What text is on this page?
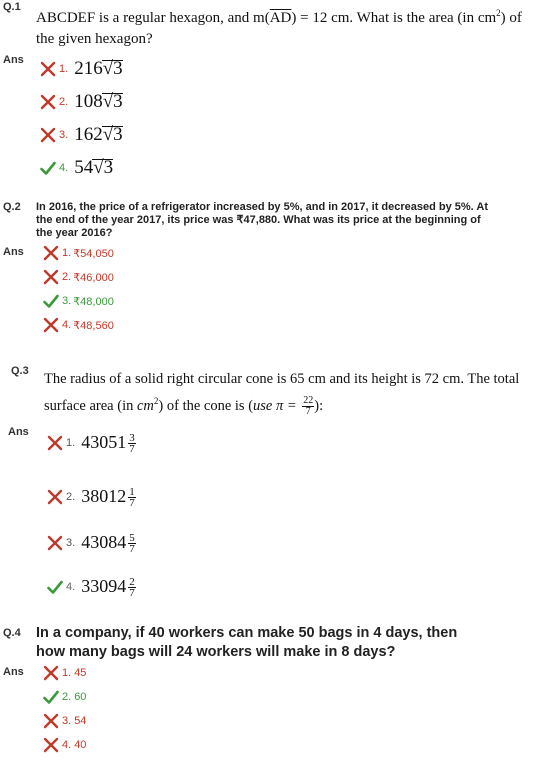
Q.1
ABCDEF is a regular hexagon, and $m(\overline{AD}) = 12$ cm. What is the area (in $cm^2$) of
the given hexagon?
Ans
1. 216√3
2. 108√3
3. 162√3
4. 54√3
Q.2 In 2016, the price of a refrigerator increased by 5%, and in 2017, it decreased by 5%. At
the end of the year 2017, its price was ₹47,880. What was its price at the beginning of
the year 2016?
Ans	1. ₹54,050
2. ₹46,000
3. ₹48,000
4. ₹48,560
Q.3 The radius of a solid right circular cone is 65 cm and its height is 72 cm. The total
surface area (in $cm^2$) of the cone is (use $\pi = \frac{22}{7}$ ):
Ans
1. $43051 \frac{3}{7}$
2. $38012 \frac{1}{7}$
3. $43084 \frac{5}{7}$
4. $33094 \frac{2}{7}$
Q.4 In a company, if 40 workers can make 50 bags in 4 days, then
how many bags will 24 workers will make in 8 days?
Ans	1. 45
2. 60
3. 54
4. 40
